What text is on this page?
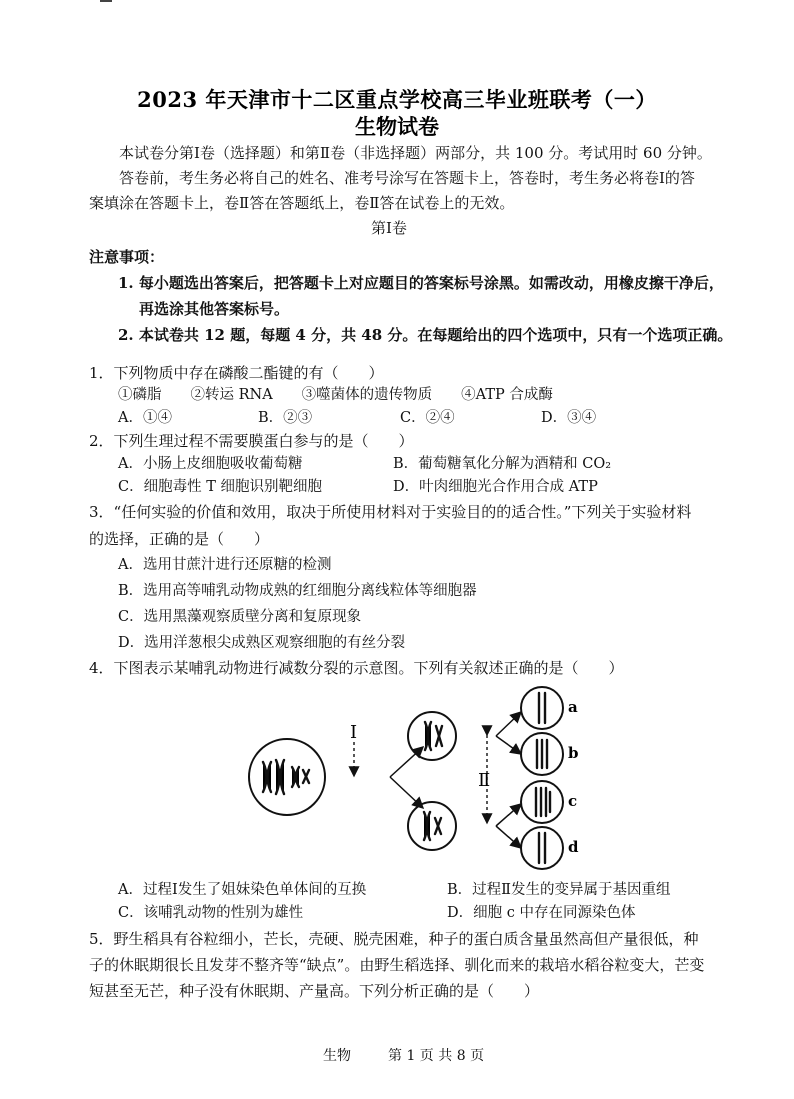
2023 年天津市十二区重点学校高三毕业班联考（一）
生物试卷
本试卷分第Ⅰ卷（选择题）和第Ⅱ卷（非选择题）两部分，共 100 分。考试用时 60 分钟。
答卷前，考生务必将自己的姓名、准考号涂写在答题卡上，答卷时，考生务必将卷Ⅰ的答
案填涂在答题卡上，卷Ⅱ答在答题纸上，卷Ⅱ答在试卷上的无效。
第Ⅰ卷
注意事项：
1. 每小题选出答案后，把答题卡上对应题目的答案标号涂黑。如需改动，用橡皮擦干净后，
再选涂其他答案标号。
2. 本试卷共 12 题，每题 4 分，共 48 分。在每题给出的四个选项中，只有一个选项正确。
1．下列物质中存在磷酸二酯键的有（　　）
①磷脂　　②转运 RNA　　③噬菌体的遗传物质　　④ATP 合成酶
A．①④	B．②③	C．②④	D．③④
2．下列生理过程不需要膜蛋白参与的是（　　）
A．小肠上皮细胞吸收葡萄糖	B．葡萄糖氧化分解为酒精和 CO₂
C．细胞毒性 T 细胞识别靶细胞	D．叶肉细胞光合作用合成 ATP
3．“任何实验的价值和效用，取决于所使用材料对于实验目的的适合性。”下列关于实验材料
的选择，正确的是（　　）
A．选用甘蔗汁进行还原糖的检测
B．选用高等哺乳动物成熟的红细胞分离线粒体等细胞器
C．选用黑藻观察质壁分离和复原现象
D．选用洋葱根尖成熟区观察细胞的有丝分裂
4．下图表示某哺乳动物进行减数分裂的示意图。下列有关叙述正确的是（　　）
Ⅰ
Ⅱ
a
b
c
d
A．过程Ⅰ发生了姐妹染色单体间的互换	B．过程Ⅱ发生的变异属于基因重组
C．该哺乳动物的性别为雄性	D．细胞 c 中存在同源染色体
5．野生稻具有谷粒细小，芒长，壳硬、脱壳困难，种子的蛋白质含量虽然高但产量很低，种
子的休眠期很长且发芽不整齐等“缺点”。由野生稻选择、驯化而来的栽培水稻谷粒变大，芒变
短甚至无芒，种子没有休眠期、产量高。下列分析正确的是（　　）
生物	第 1 页 共 8 页
